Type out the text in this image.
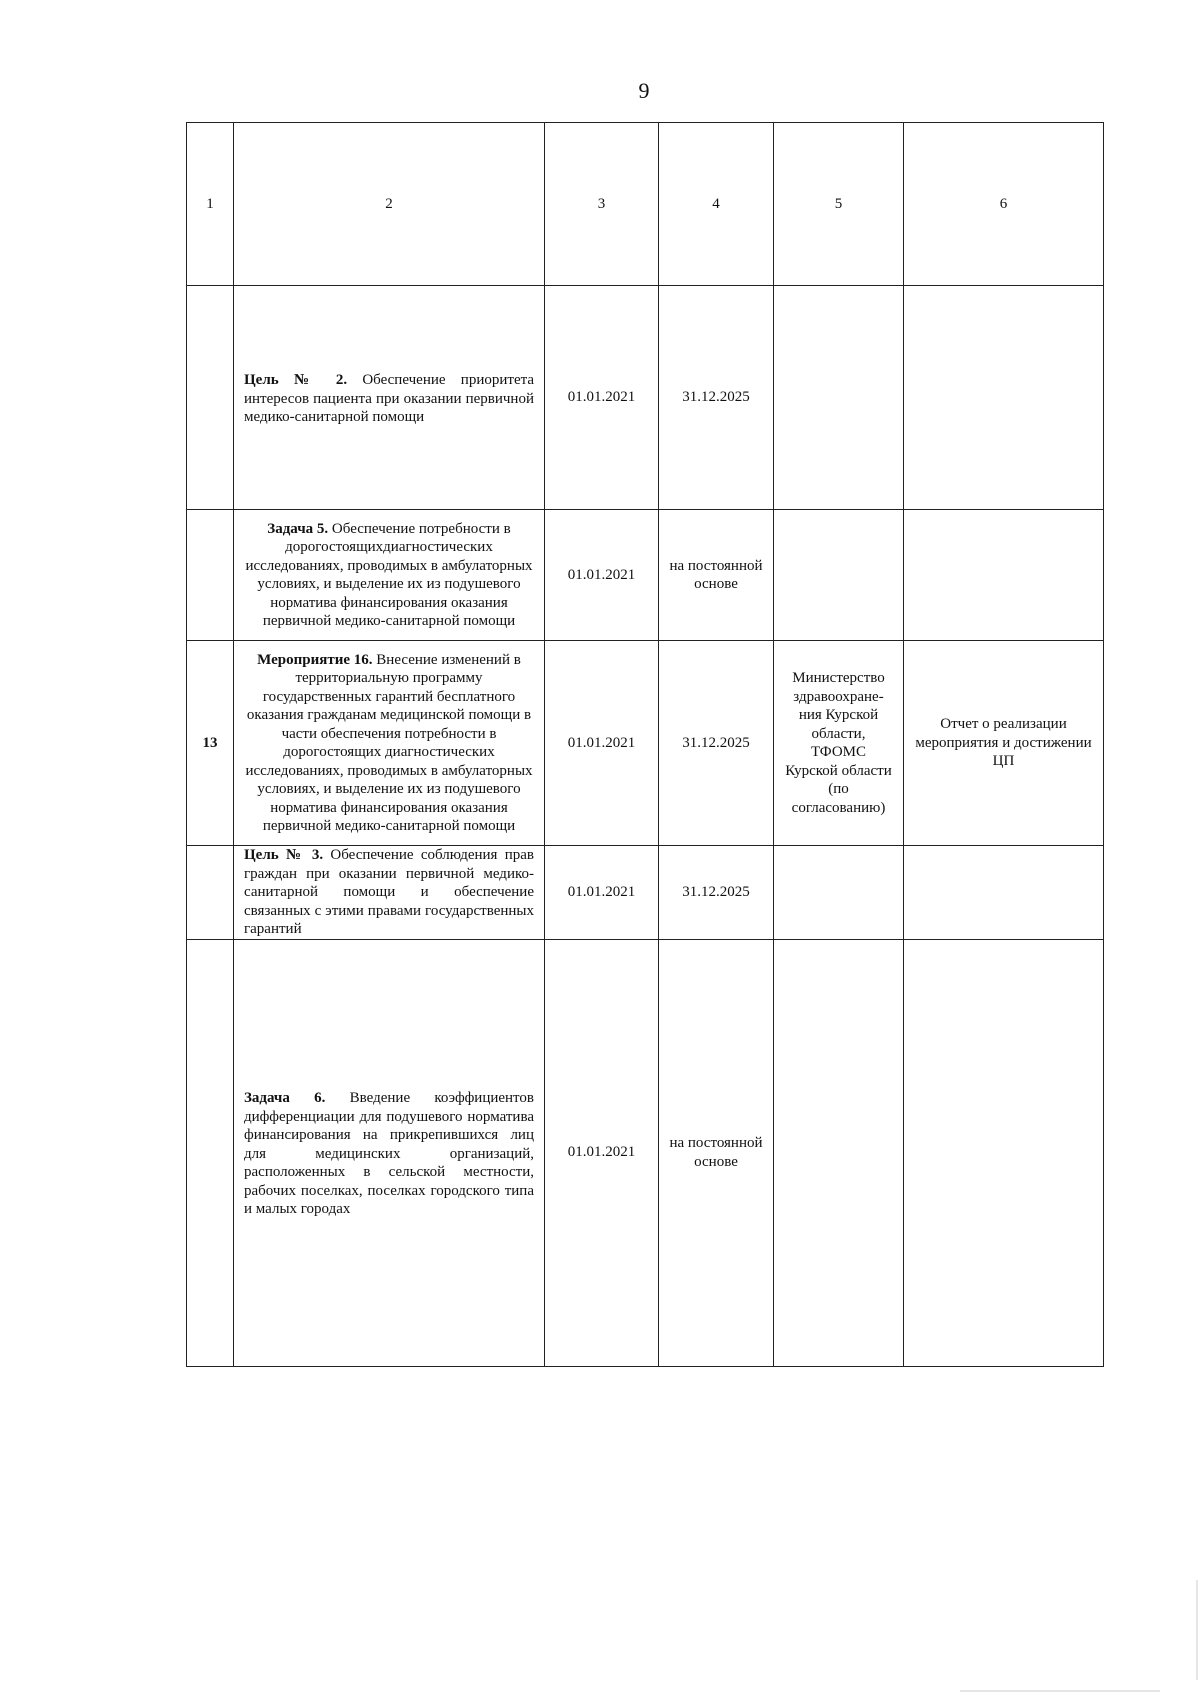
9
1	2	3	4	5	6
	Цель № 2. Обеспечение приоритета интересов пациента при оказании первичной медико-санитарной помощи	01.01.2021	31.12.2025		
	Задача 5. Обеспечение потребности в дорогостоящихдиагностических исследованиях, проводимых в амбулаторных условиях, и выделение их из подушевого норматива финансирования оказания первичной медико-санитарной помощи	01.01.2021	на постоянной основе		
13	Мероприятие 16. Внесение изменений в территориальную программу государственных гарантий бесплатного оказания гражданам медицинской помощи в части обеспечения потребности в дорогостоящих диагностических исследованиях, проводимых в амбулаторных условиях, и выделение их из подушевого норматива финансирования оказания первичной медико-санитарной помощи	01.01.2021	31.12.2025	Министерство здравоохране-ния Курской области, ТФОМС Курской области (по согласованию)	Отчет о реализации мероприятия и достижении ЦП
	Цель № 3. Обеспечение соблюдения прав граждан при оказании первичной медико-санитарной помощи и обеспечение связанных с этими правами государственных гарантий	01.01.2021	31.12.2025		
	Задача 6. Введение коэффициентов дифференциации для подушевого норматива финансирования на прикрепившихся лиц для медицинских организаций, расположенных в сельской местности, рабочих поселках, поселках городского типа и малых городах	01.01.2021	на постоянной основе		
